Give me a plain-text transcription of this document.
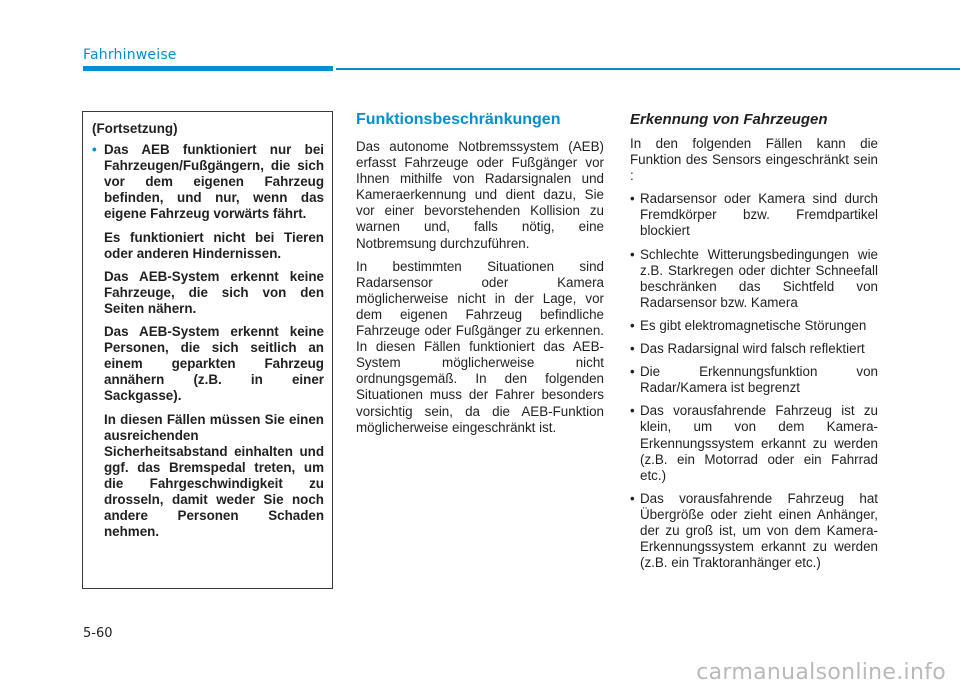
Fahrhinweise

(Fortsetzung)

• Das AEB funktioniert nur bei Fahrzeugen/Fußgängern, die sich vor dem eigenen Fahrzeug befinden, und nur, wenn das eigene Fahrzeug vorwärts fährt.

Es funktioniert nicht bei Tieren oder anderen Hindernissen.

Das AEB-System erkennt keine Fahrzeuge, die sich von den Seiten nähern.

Das AEB-System erkennt keine Personen, die sich seitlich an einem geparkten Fahrzeug annähern (z.B. in einer Sackgasse).

In diesen Fällen müssen Sie einen ausreichenden Sicherheitsabstand einhalten und ggf. das Bremspedal treten, um die Fahrgeschwindigkeit zu drosseln, damit weder Sie noch andere Personen Schaden nehmen.

Funktionsbeschränkungen

Das autonome Notbremssystem (AEB) erfasst Fahrzeuge oder Fußgänger vor Ihnen mithilfe von Radarsignalen und Kameraerkennung und dient dazu, Sie vor einer bevorstehenden Kollision zu warnen und, falls nötig, eine Notbremsung durchzuführen.

In bestimmten Situationen sind Radarsensor oder Kamera möglicherweise nicht in der Lage, vor dem eigenen Fahrzeug befindliche Fahrzeuge oder Fußgänger zu erkennen. In diesen Fällen funktioniert das AEB-System möglicherweise nicht ordnungsgemäß. In den folgenden Situationen muss der Fahrer besonders vorsichtig sein, da die AEB-Funktion möglicherweise eingeschränkt ist.

Erkennung von Fahrzeugen

In den folgenden Fällen kann die Funktion des Sensors eingeschränkt sein :

• Radarsensor oder Kamera sind durch Fremdkörper bzw. Fremdpartikel blockiert
• Schlechte Witterungsbedingungen wie z.B. Starkregen oder dichter Schneefall beschränken das Sichtfeld von Radarsensor bzw. Kamera
• Es gibt elektromagnetische Störungen
• Das Radarsignal wird falsch reflektiert
• Die Erkennungsfunktion von Radar/Kamera ist begrenzt
• Das vorausfahrende Fahrzeug ist zu klein, um von dem Kamera-Erkennungssystem erkannt zu werden (z.B. ein Motorrad oder ein Fahrrad etc.)
• Das vorausfahrende Fahrzeug hat Übergröße oder zieht einen Anhänger, der zu groß ist, um von dem Kamera-Erkennungssystem erkannt zu werden (z.B. ein Traktoranhänger etc.)

5-60

carmanualsonline.info
